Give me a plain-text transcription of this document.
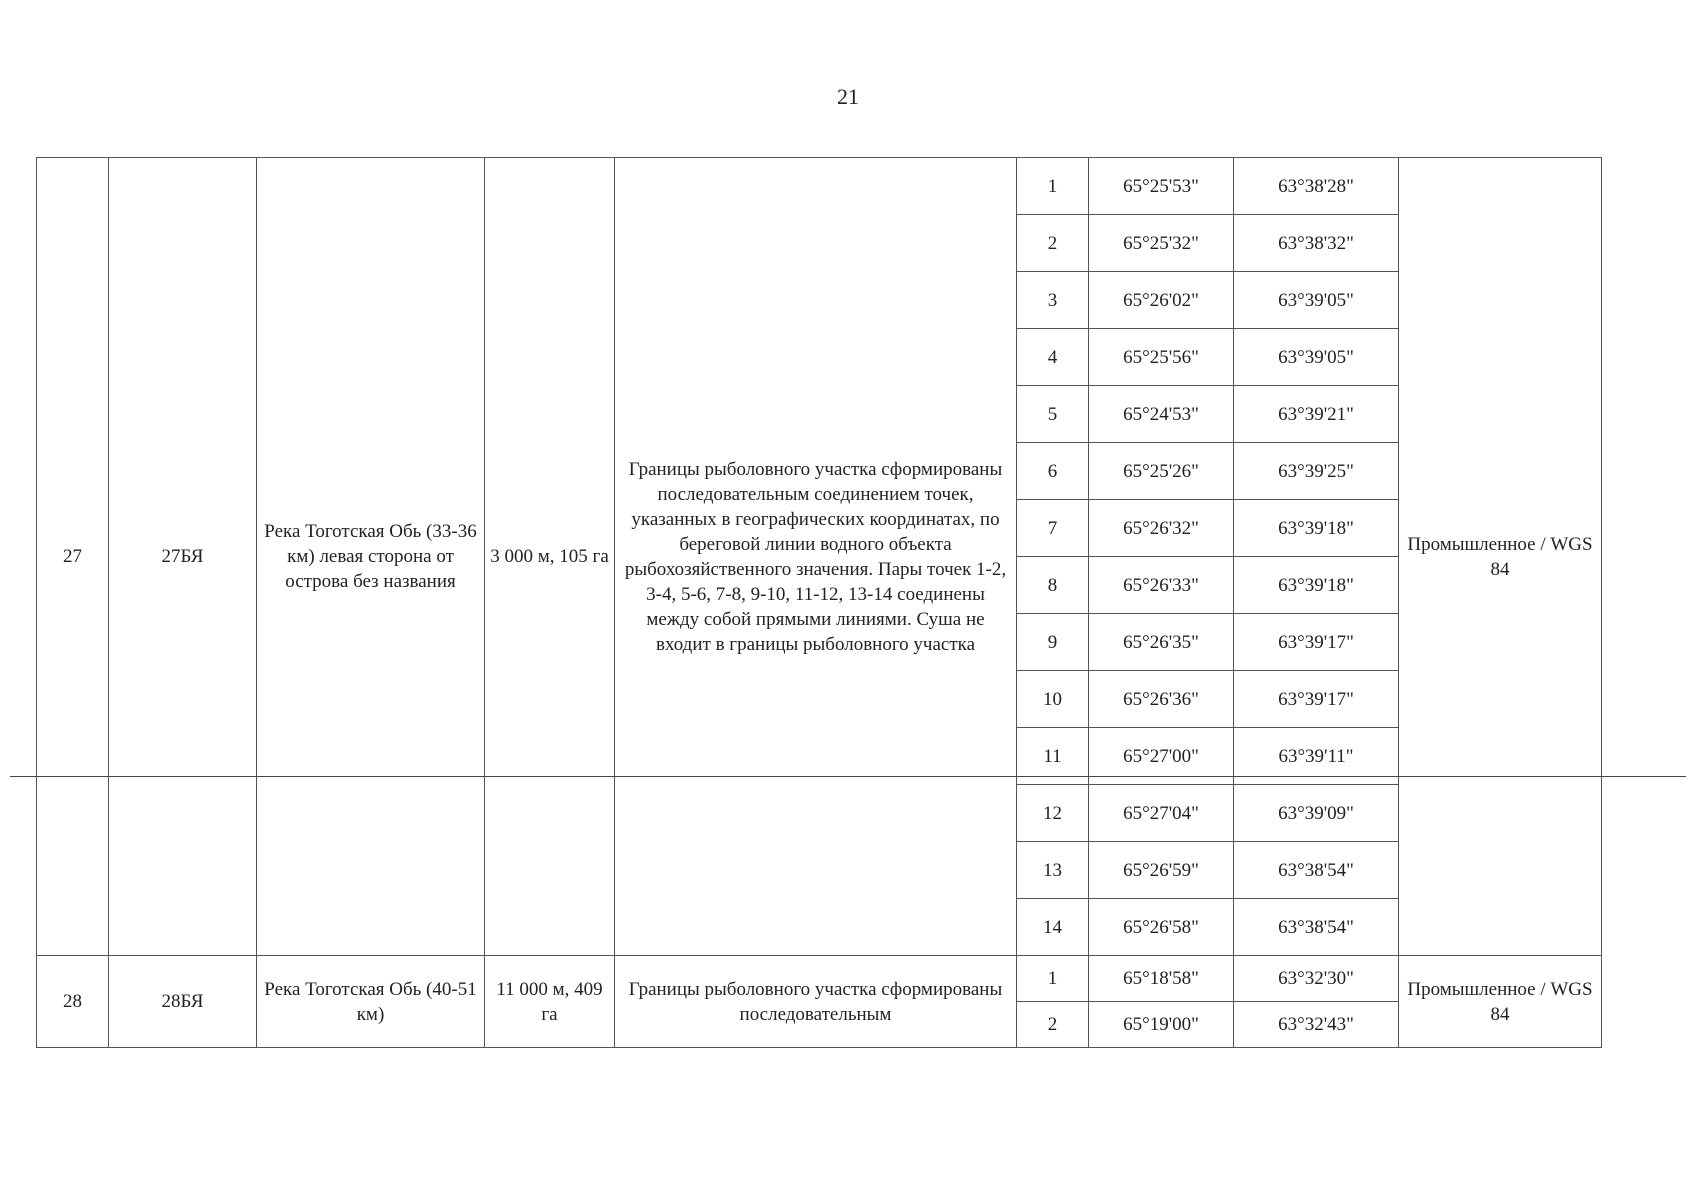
21
27	27БЯ	Река Тоготская Обь (33-36 км) левая сторона от острова без названия	3 000 м, 105 га	Границы рыболовного участка сформированы последовательным соединением точек, указанных в географических координатах, по береговой линии водного объекта рыбохозяйственного значения. Пары точек 1-2, 3-4, 5-6, 7-8, 9-10, 11-12, 13-14 соединены между собой прямыми линиями. Суша не входит в границы рыболовного участка	1	65°25'53"	63°38'28"	Промышленное / WGS 84
					2	65°25'32"	63°38'32"	
					3	65°26'02"	63°39'05"	
					4	65°25'56"	63°39'05"	
					5	65°24'53"	63°39'21"	
					6	65°25'26"	63°39'25"	
					7	65°26'32"	63°39'18"	
					8	65°26'33"	63°39'18"	
					9	65°26'35"	63°39'17"	
					10	65°26'36"	63°39'17"	
					11	65°27'00"	63°39'11"	
					12	65°27'04"	63°39'09"	
					13	65°26'59"	63°38'54"	
					14	65°26'58"	63°38'54"	
28	28БЯ	Река Тоготская Обь (40-51 км)	11 000 м, 409 га	Границы рыболовного участка сформированы последовательным	1	65°18'58"	63°32'30"	Промышленное / WGS 84
					2	65°19'00"	63°32'43"	
